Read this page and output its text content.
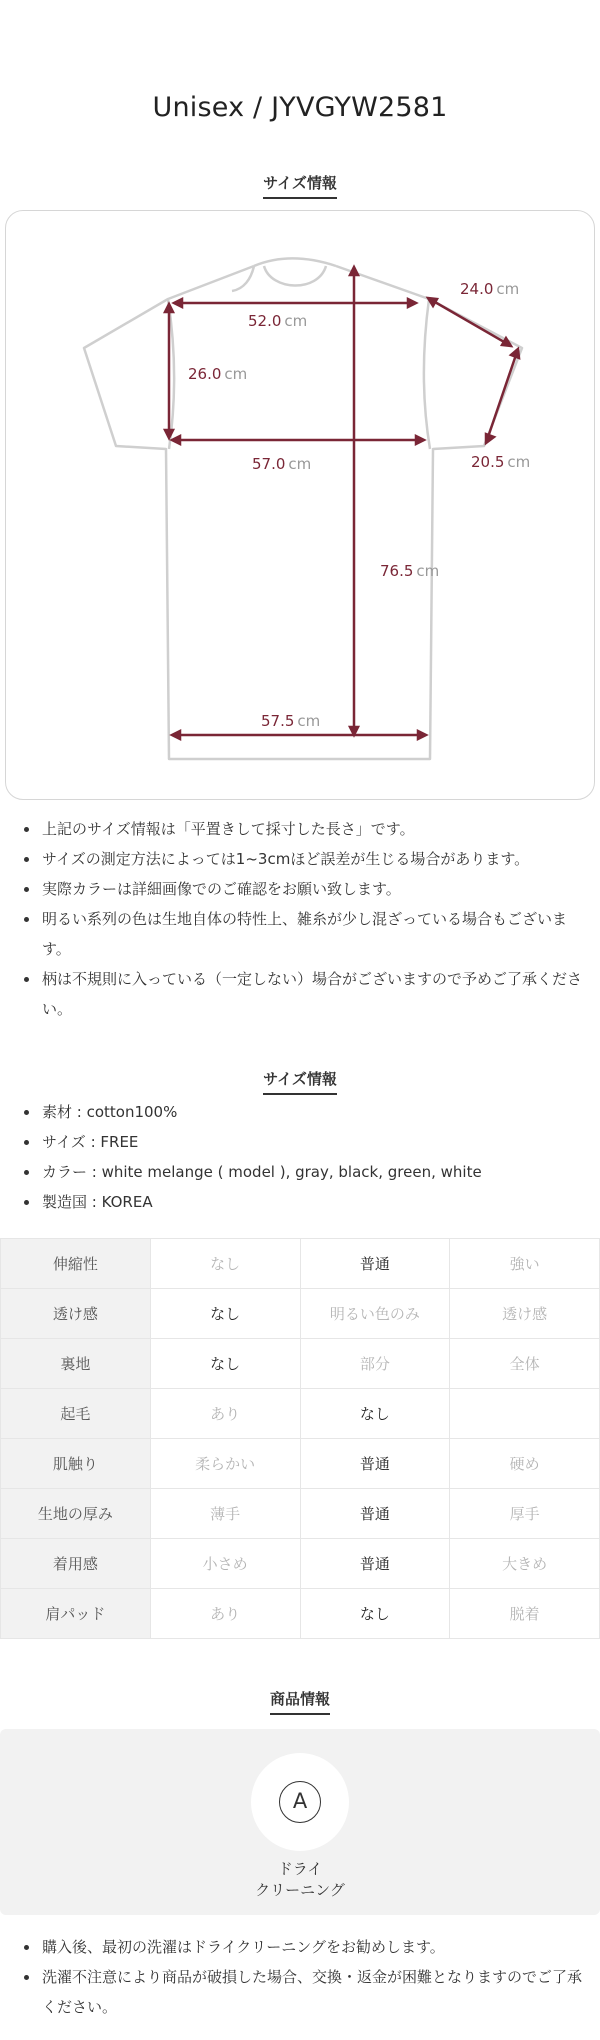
Unisex / JYVGYW2581
サイズ情報
52.0 cm
24.0 cm
26.0 cm
57.0 cm	20.5 cm
76.5 cm
57.5 cm
上記のサイズ情報は「平置きして採寸した長さ」です。
サイズの測定方法によっては1~3cmほど誤差が生じる場合があります。
実際カラーは詳細画像でのご確認をお願い致します。
明るい系列の色は生地自体の特性上、雑糸が少し混ざっている場合もございます。
柄は不規則に入っている（一定しない）場合がございますので予めご了承ください。
サイズ情報
素材 : cotton100%
サイズ : FREE
カラー : white melange ( model ), gray, black, green, white
製造国 : KOREA
伸縮性	なし	普通	強い
透け感	なし	明るい色のみ	透け感
裏地	なし	部分	全体
起毛	あり	なし	
肌触り	柔らかい	普通	硬め
生地の厚み	薄手	普通	厚手
着用感	小さめ	普通	大きめ
肩パッド	あり	なし	脱着
商品情報
A
ドライ
クリーニング
購入後、最初の洗濯はドライクリーニングをお勧めします。
洗濯不注意により商品が破損した場合、交換・返金が困難となりますのでご了承ください。
